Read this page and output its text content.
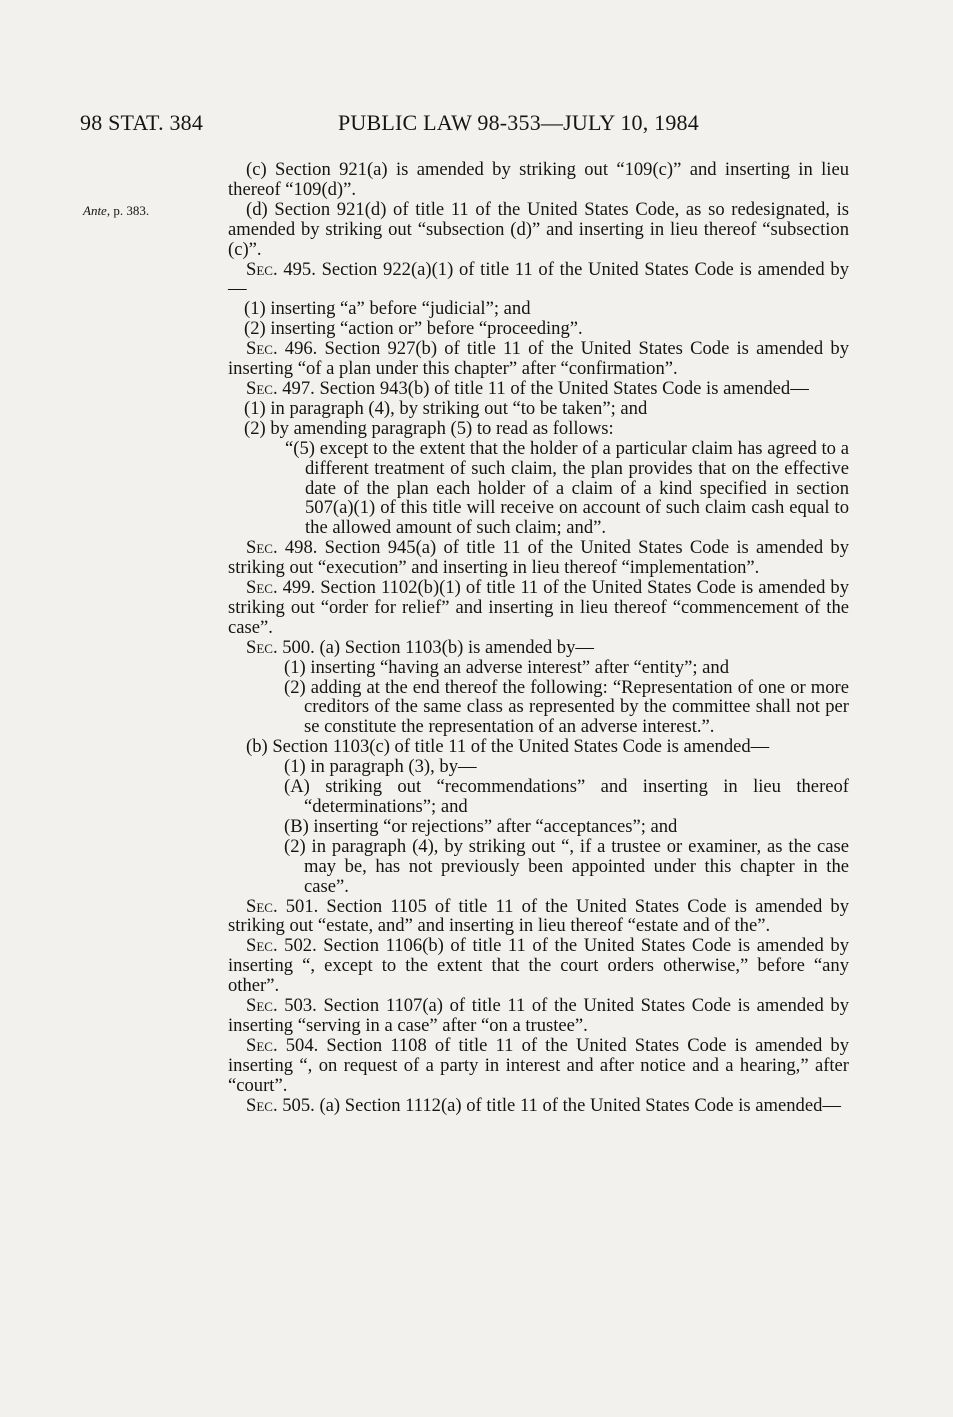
98 STAT. 384	PUBLIC LAW 98-353—JULY 10, 1984
Ante, p. 383.

(c) Section 921(a) is amended by striking out “109(c)” and inserting in lieu thereof “109(d)”.

(d) Section 921(d) of title 11 of the United States Code, as so redesignated, is amended by striking out “subsection (d)” and inserting in lieu thereof “subsection (c)”.

Sec. 495. Section 922(a)(1) of title 11 of the United States Code is amended by—

(1) inserting “a” before “judicial”; and

(2) inserting “action or” before “proceeding”.

Sec. 496. Section 927(b) of title 11 of the United States Code is amended by inserting “of a plan under this chapter” after “confirmation”.

Sec. 497. Section 943(b) of title 11 of the United States Code is amended—

(1) in paragraph (4), by striking out “to be taken”; and

(2) by amending paragraph (5) to read as follows:

“(5) except to the extent that the holder of a particular claim has agreed to a different treatment of such claim, the plan provides that on the effective date of the plan each holder of a claim of a kind specified in section 507(a)(1) of this title will receive on account of such claim cash equal to the allowed amount of such claim; and”.

Sec. 498. Section 945(a) of title 11 of the United States Code is amended by striking out “execution” and inserting in lieu thereof “implementation”.

Sec. 499. Section 1102(b)(1) of title 11 of the United States Code is amended by striking out “order for relief” and inserting in lieu thereof “commencement of the case”.

Sec. 500. (a) Section 1103(b) is amended by—

(1) inserting “having an adverse interest” after “entity”; and

(2) adding at the end thereof the following: “Representation of one or more creditors of the same class as represented by the committee shall not per se constitute the representation of an adverse interest.”.

(b) Section 1103(c) of title 11 of the United States Code is amended—

(1) in paragraph (3), by—

(A) striking out “recommendations” and inserting in lieu thereof “determinations”; and

(B) inserting “or rejections” after “acceptances”; and

(2) in paragraph (4), by striking out “, if a trustee or examiner, as the case may be, has not previously been appointed under this chapter in the case”.

Sec. 501. Section 1105 of title 11 of the United States Code is amended by striking out “estate, and” and inserting in lieu thereof “estate and of the”.

Sec. 502. Section 1106(b) of title 11 of the United States Code is amended by inserting “, except to the extent that the court orders otherwise,” before “any other”.

Sec. 503. Section 1107(a) of title 11 of the United States Code is amended by inserting “serving in a case” after “on a trustee”.

Sec. 504. Section 1108 of title 11 of the United States Code is amended by inserting “, on request of a party in interest and after notice and a hearing,” after “court”.

Sec. 505. (a) Section 1112(a) of title 11 of the United States Code is amended—
